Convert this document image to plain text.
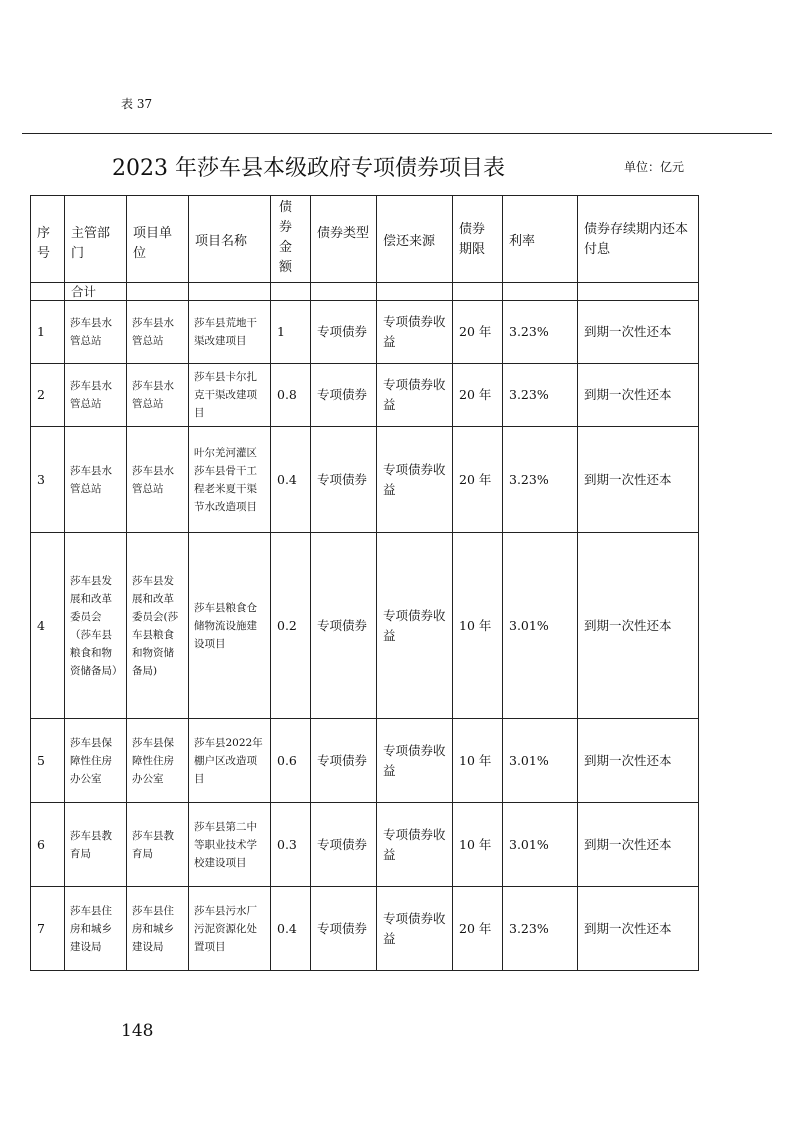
表 37
2023 年莎车县本级政府专项债券项目表	单位：亿元
序号	主管部门	项目单位	项目名称	债券金额	债券类型	偿还来源	债券期限	利率	债券存续期内还本付息
	合计								
1	莎车县水管总站	莎车县水管总站	莎车县荒地干渠改建项目	1	专项债券	专项债券收益	20 年	3.23%	到期一次性还本
2	莎车县水管总站	莎车县水管总站	莎车县卡尔扎克干渠改建项目	0.8	专项债券	专项债券收益	20 年	3.23%	到期一次性还本
3	莎车县水管总站	莎车县水管总站	叶尔羌河灌区莎车县骨干工程老米夏干渠节水改造项目	0.4	专项债券	专项债券收益	20 年	3.23%	到期一次性还本
4	莎车县发展和改革委员会（莎车县粮食和物资储备局）	莎车县发展和改革委员会(莎车县粮食和物资储备局)	莎车县粮食仓储物流设施建设项目	0.2	专项债券	专项债券收益	10 年	3.01%	到期一次性还本
5	莎车县保障性住房办公室	莎车县保障性住房办公室	莎车县2022年棚户区改造项目	0.6	专项债券	专项债券收益	10 年	3.01%	到期一次性还本
6	莎车县教育局	莎车县教育局	莎车县第二中等职业技术学校建设项目	0.3	专项债券	专项债券收益	10 年	3.01%	到期一次性还本
7	莎车县住房和城乡建设局	莎车县住房和城乡建设局	莎车县污水厂污泥资源化处置项目	0.4	专项债券	专项债券收益	20 年	3.23%	到期一次性还本
148
